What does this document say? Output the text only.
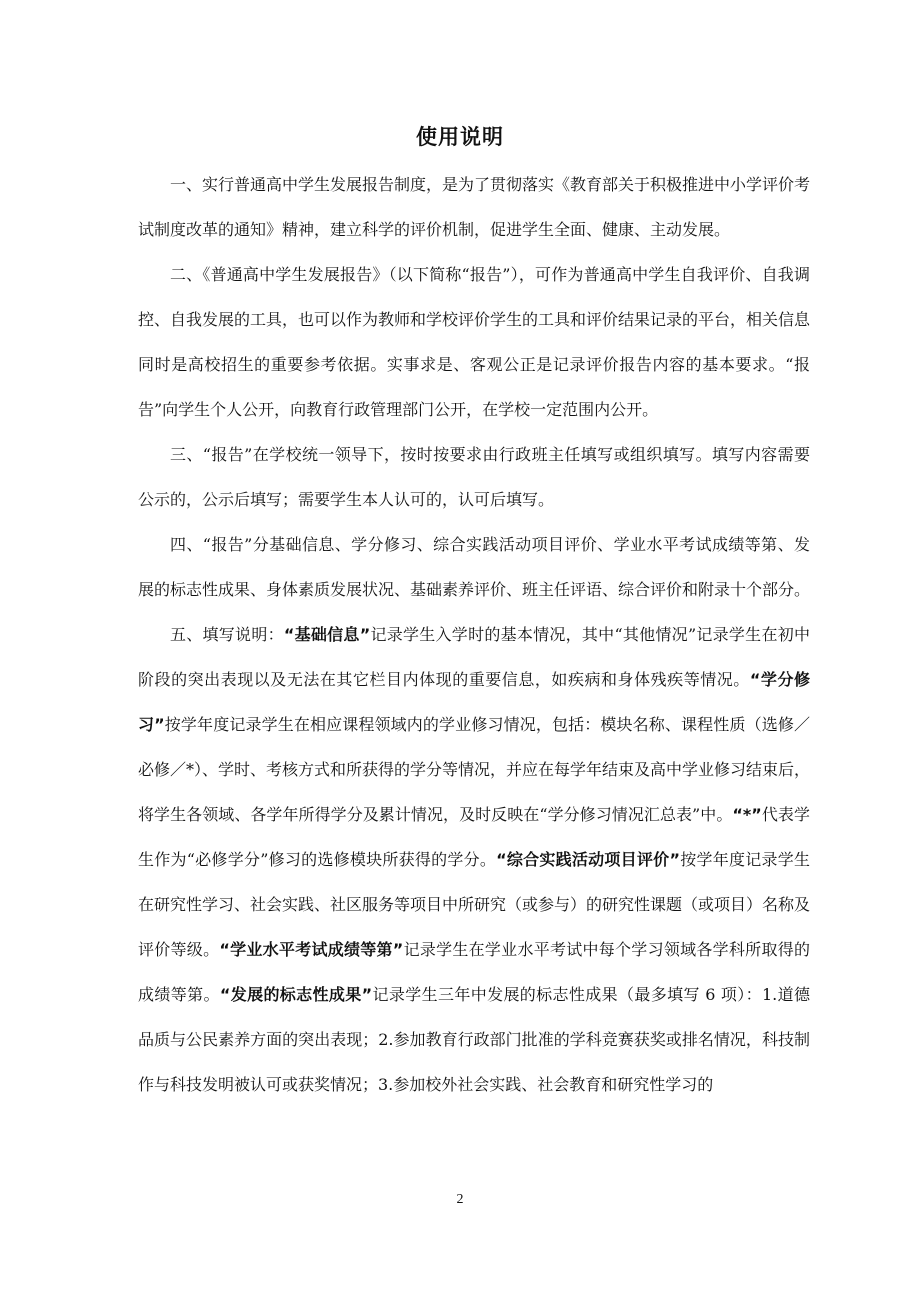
使用说明

一、实行普通高中学生发展报告制度，是为了贯彻落实《教育部关于积极推进中小学评价考试制度改革的通知》精神，建立科学的评价机制，促进学生全面、健康、主动发展。

二、《普通高中学生发展报告》（以下简称“报告”），可作为普通高中学生自我评价、自我调控、自我发展的工具，也可以作为教师和学校评价学生的工具和评价结果记录的平台，相关信息同时是高校招生的重要参考依据。实事求是、客观公正是记录评价报告内容的基本要求。“报告”向学生个人公开，向教育行政管理部门公开，在学校一定范围内公开。

三、“报告”在学校统一领导下，按时按要求由行政班主任填写或组织填写。填写内容需要公示的，公示后填写；需要学生本人认可的，认可后填写。

四、“报告”分基础信息、学分修习、综合实践活动项目评价、学业水平考试成绩等第、发展的标志性成果、身体素质发展状况、基础素养评价、班主任评语、综合评价和附录十个部分。

五、填写说明：“基础信息”记录学生入学时的基本情况，其中“其他情况”记录学生在初中阶段的突出表现以及无法在其它栏目内体现的重要信息，如疾病和身体残疾等情况。“学分修习”按学年度记录学生在相应课程领域内的学业修习情况，包括：模块名称、课程性质（选修／必修／*）、学时、考核方式和所获得的学分等情况，并应在每学年结束及高中学业修习结束后，将学生各领域、各学年所得学分及累计情况，及时反映在“学分修习情况汇总表”中。“*”代表学生作为“必修学分”修习的选修模块所获得的学分。“综合实践活动项目评价”按学年度记录学生在研究性学习、社会实践、社区服务等项目中所研究（或参与）的研究性课题（或项目）名称及评价等级。“学业水平考试成绩等第”记录学生在学业水平考试中每个学习领域各学科所取得的成绩等第。“发展的标志性成果”记录学生三年中发展的标志性成果（最多填写 6 项）：1.道德品质与公民素养方面的突出表现；2.参加教育行政部门批准的学科竞赛获奖或排名情况，科技制作与科技发明被认可或获奖情况；3.参加校外社会实践、社会教育和研究性学习的

2
